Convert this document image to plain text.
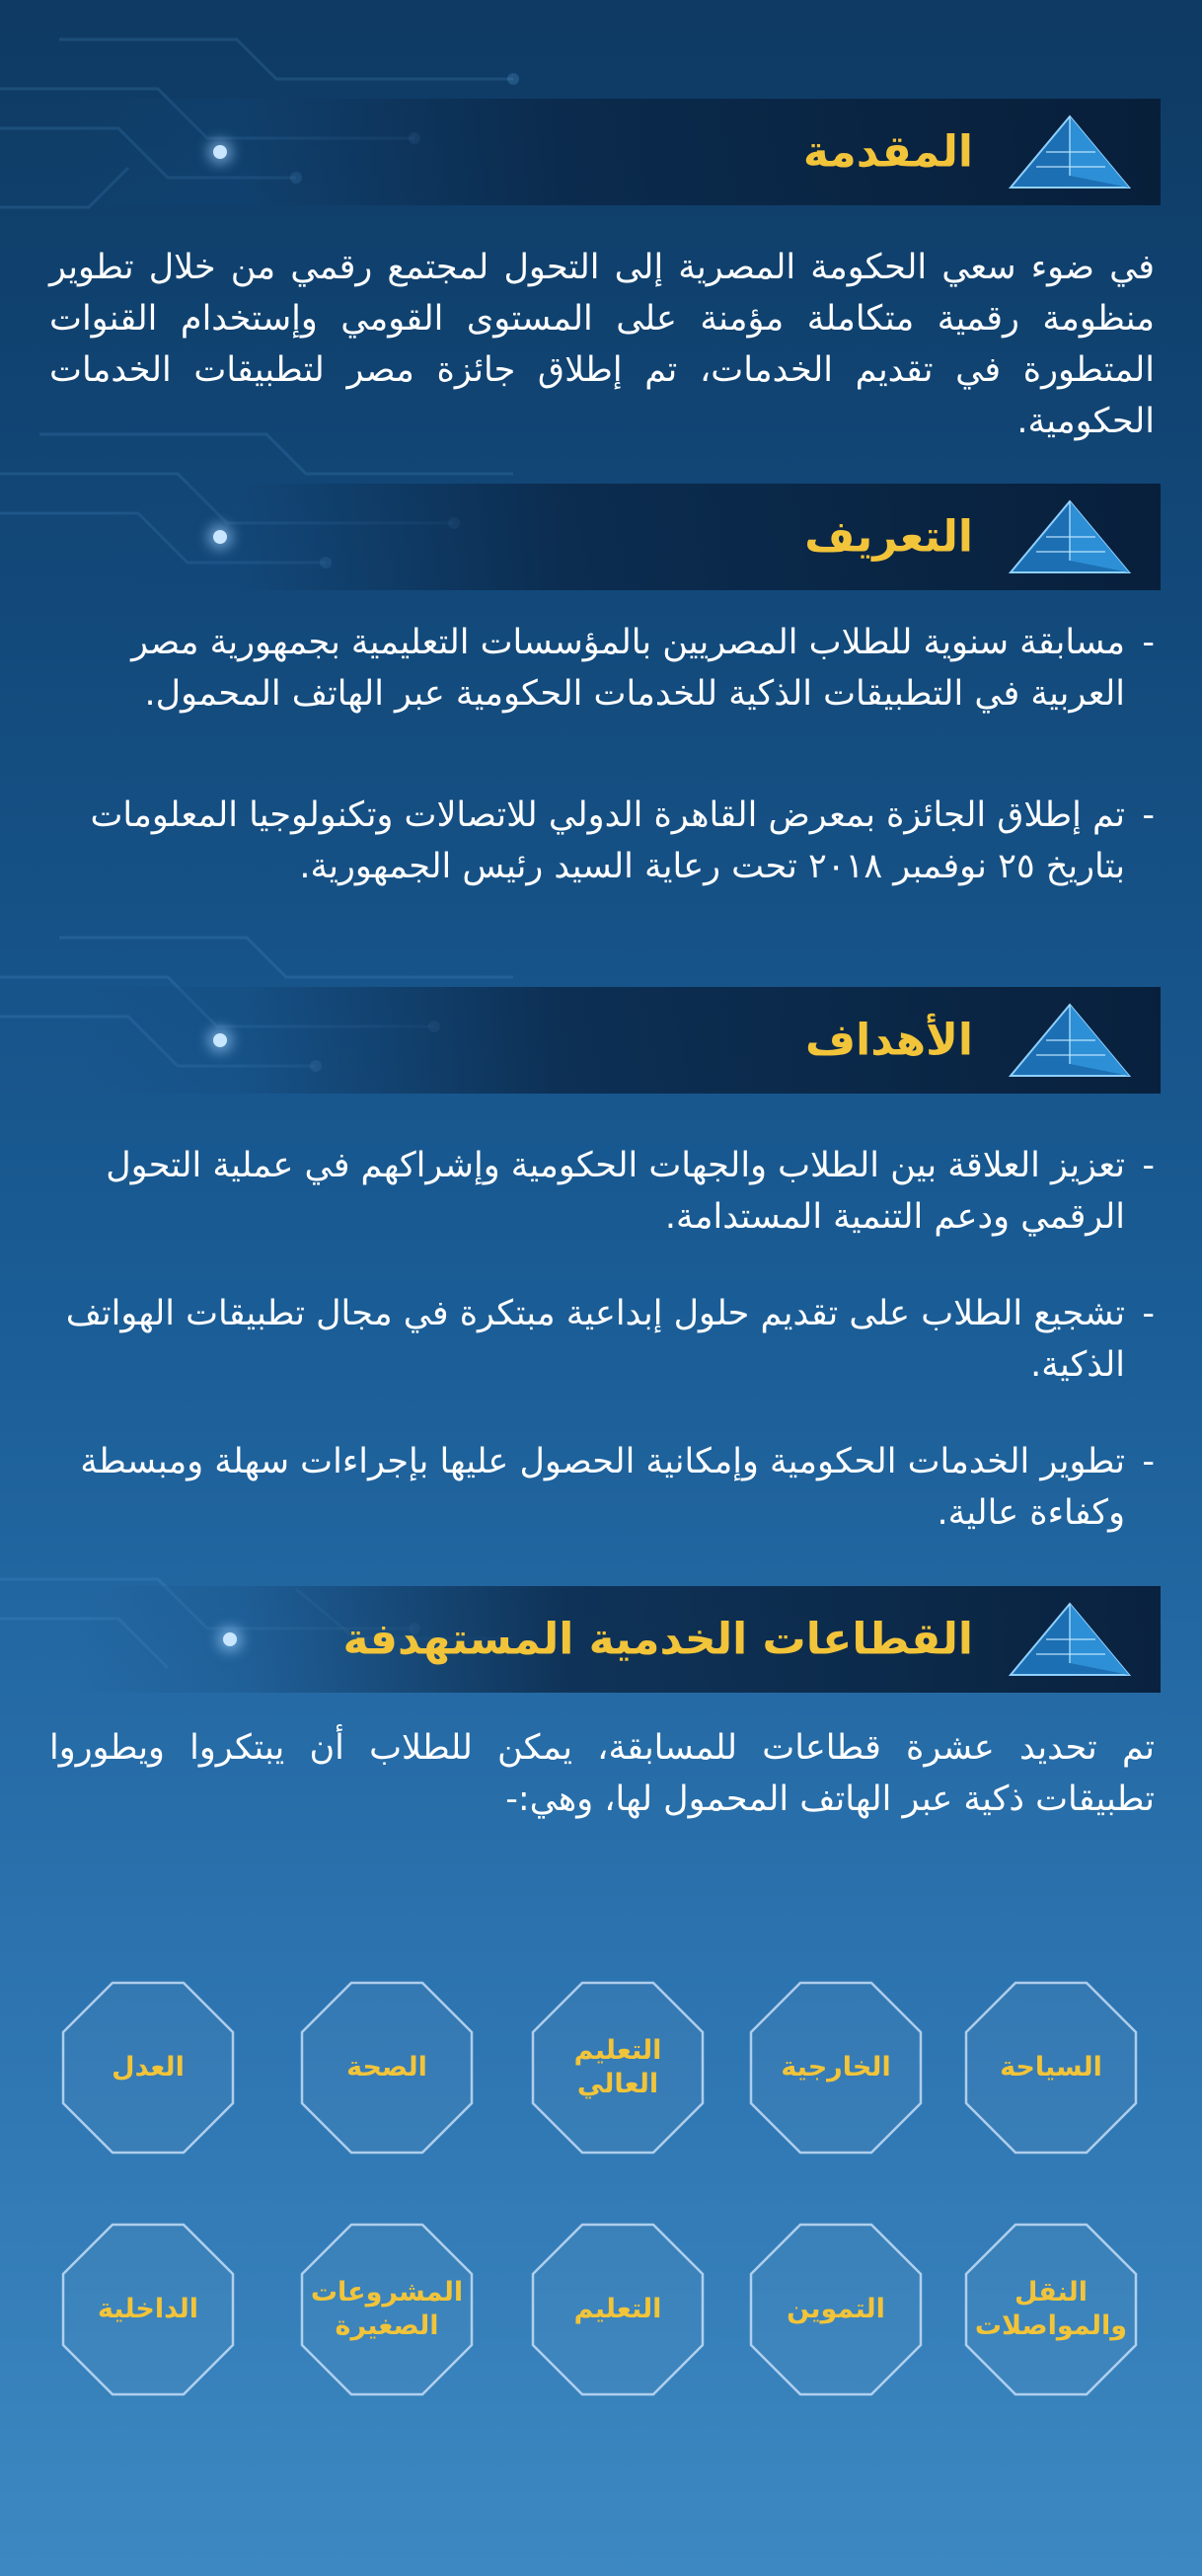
المقدمة

في ضوء سعي الحكومة المصرية إلى التحول لمجتمع رقمي من خلال تطوير منظومة رقمية متكاملة مؤمنة على المستوى القومي وإستخدام القنوات المتطورة في تقديم الخدمات، تم إطلاق جائزة مصر لتطبيقات الخدمات الحكومية.

التعريف
-
مسابقة سنوية للطلاب المصريين بالمؤسسات التعليمية بجمهورية مصر العربية في التطبيقات الذكية للخدمات الحكومية عبر الهاتف المحمول.
-
تم إطلاق الجائزة بمعرض القاهرة الدولي للاتصالات وتكنولوجيا المعلومات بتاريخ ٢٥ نوفمبر ٢٠١٨ تحت رعاية السيد رئيس الجمهورية.
الأهداف
-
تعزيز العلاقة بين الطلاب والجهات الحكومية وإشراكهم في عملية التحول الرقمي ودعم التنمية المستدامة.
-
تشجيع الطلاب على تقديم حلول إبداعية مبتكرة في مجال تطبيقات الهواتف الذكية.
-
تطوير الخدمات الحكومية وإمكانية الحصول عليها بإجراءات سهلة ومبسطة وكفاءة عالية.
القطاعات الخدمية المستهدفة

تم تحديد عشرة قطاعات للمسابقة، يمكن للطلاب أن يبتكروا ويطوروا تطبيقات ذكية عبر الهاتف المحمول لها، وهي:-

السياحة
الخارجية
التعليم العالي
الصحة
العدل
النقل والمواصلات
التموين
التعليم
المشروعات الصغيرة
الداخلية
